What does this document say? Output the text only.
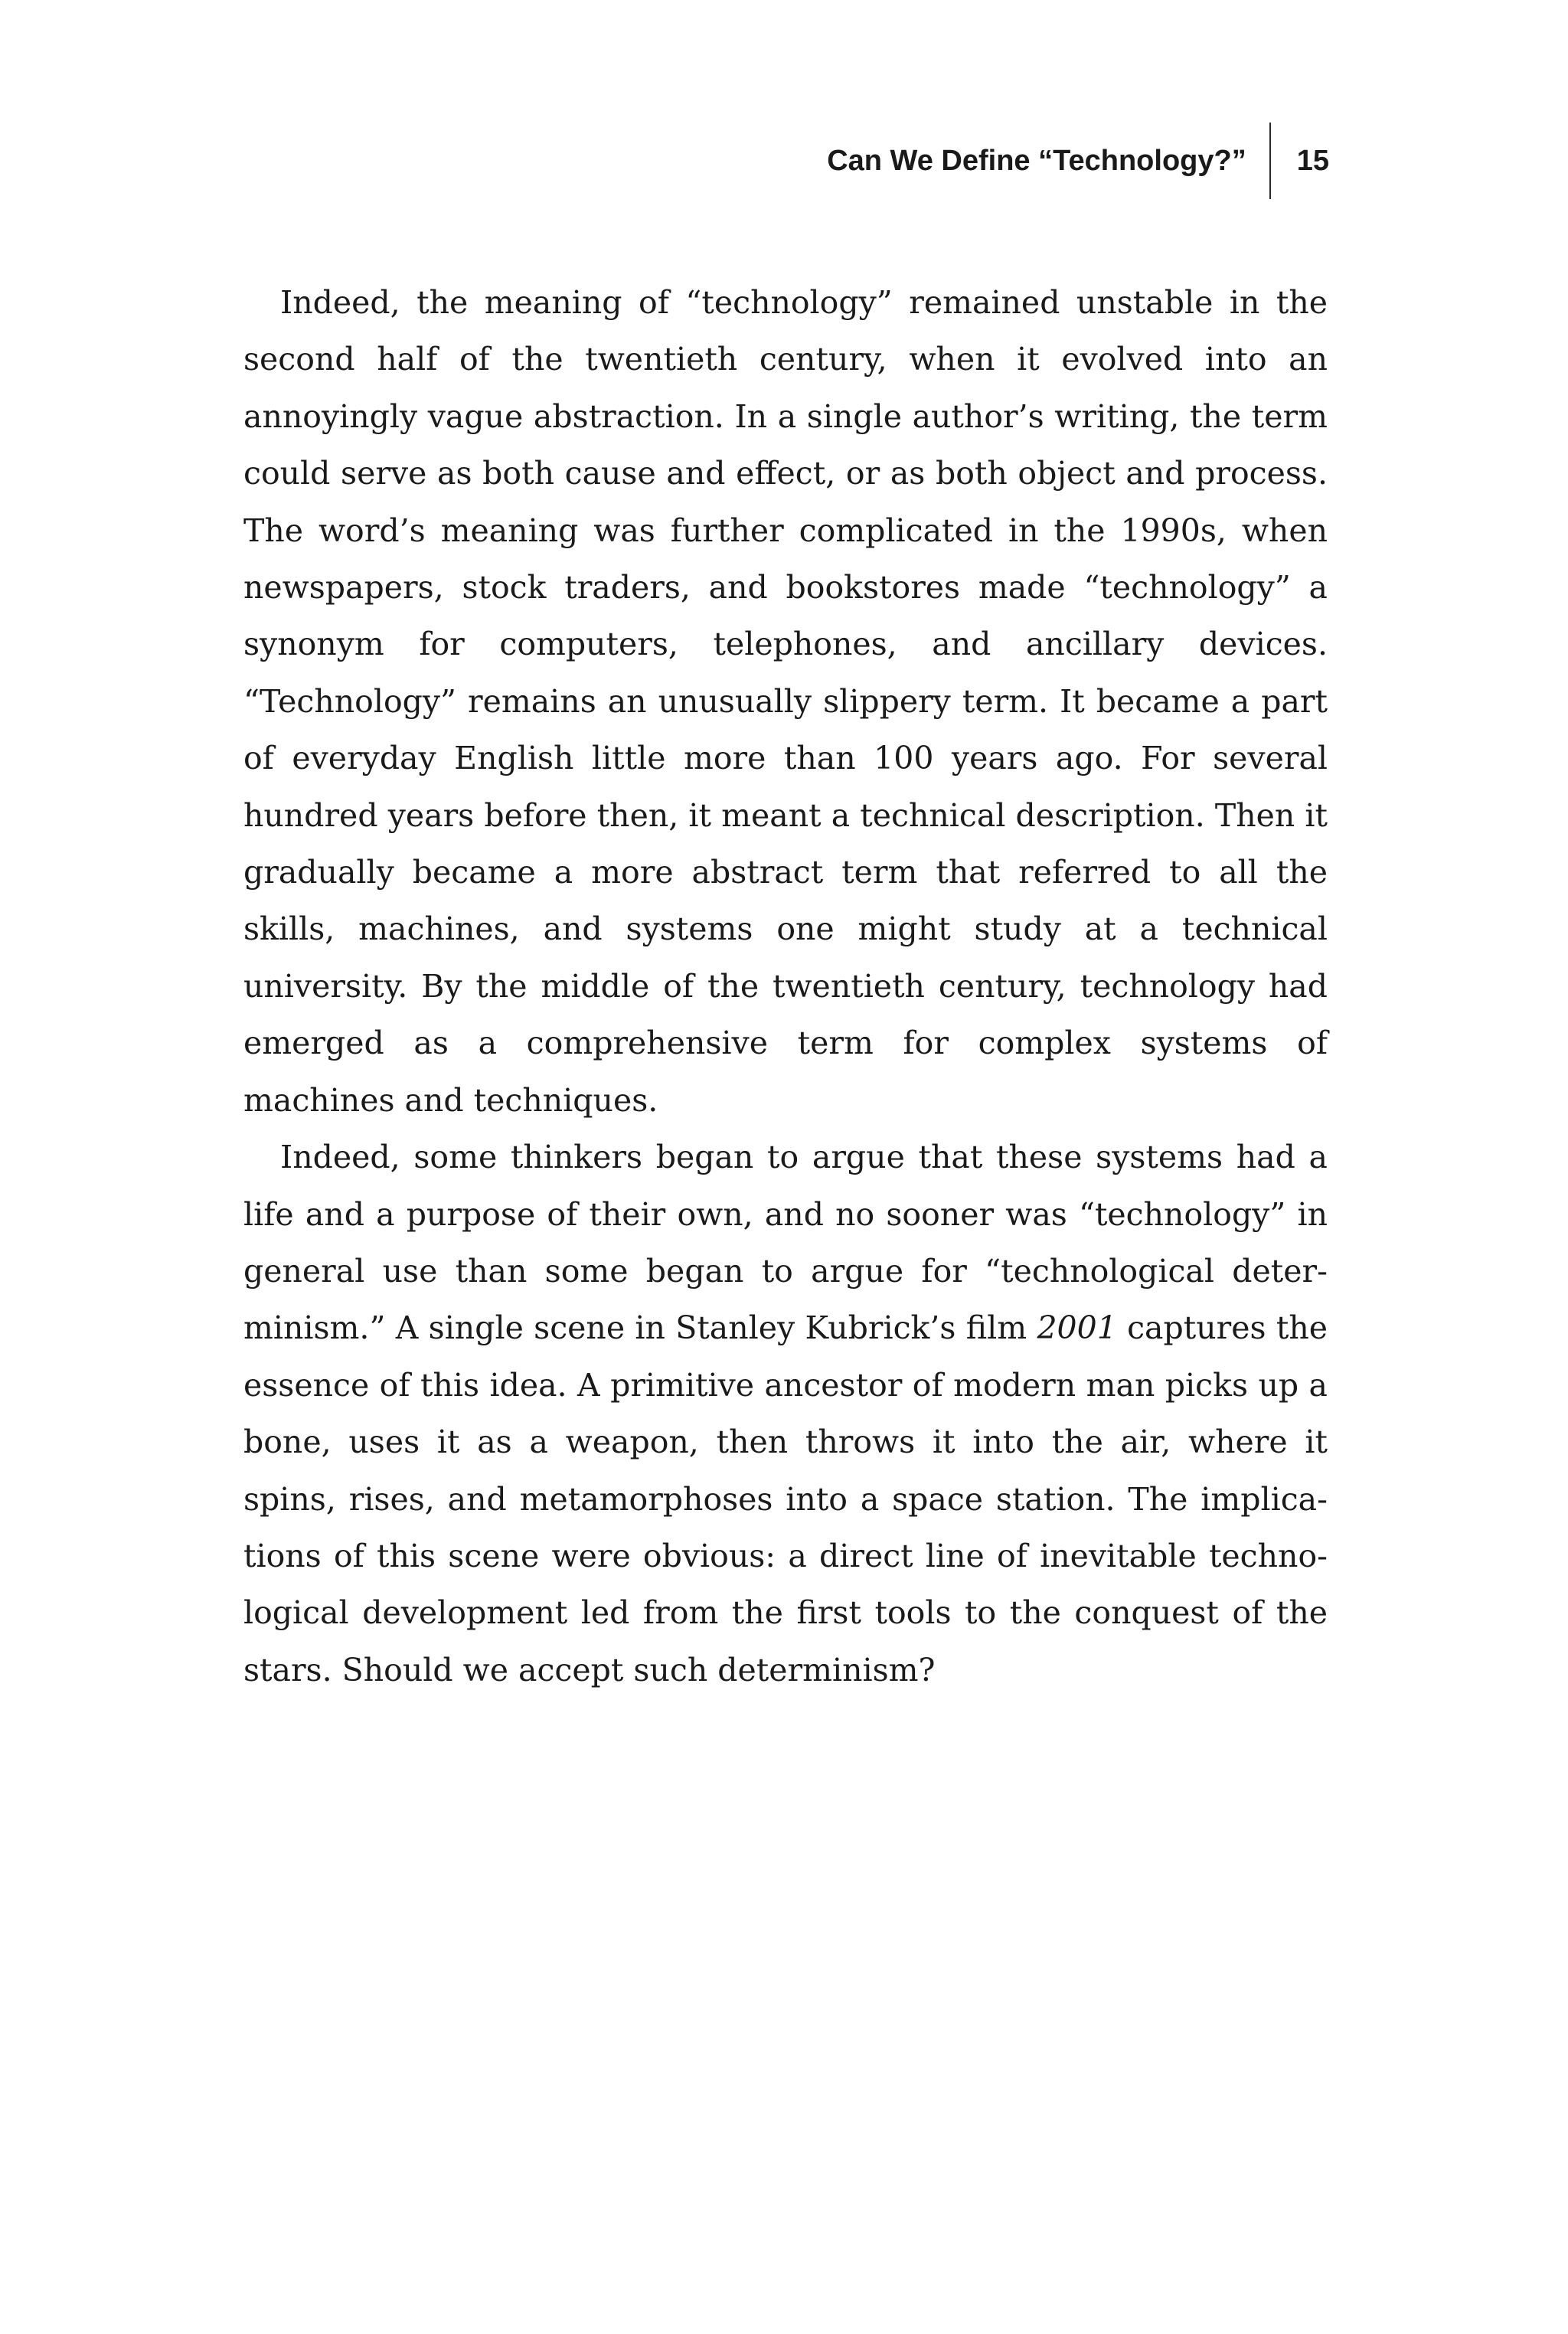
Can We Define “Technology?”	15

Indeed, the meaning of “technology” remained unstable in the second half of the twentieth century, when it evolved into an annoyingly vague abstraction. In a single author’s writing, the term could serve as both cause and effect, or as both object and process. The word’s meaning was further complicated in the 1990s, when newspapers, stock traders, and bookstores made “technology” a synonym for computers, telephones, and ancillary devices. “Technology” remains an unusually slippery term. It became a part of everyday English little more than 100 years ago. For several hundred years before then, it meant a technical description. Then it gradually became a more abstract term that referred to all the skills, machines, and systems one might study at a technical university. By the middle of the twentieth century, technology had emerged as a comprehensive term for complex systems of machines and techniques.

Indeed, some thinkers began to argue that these systems had a life and a purpose of their own, and no sooner was “technology” in general use than some began to argue for “technological determinism.” A single scene in Stanley Kubrick’s film 2001 captures the essence of this idea. A primitive ancestor of modern man picks up a bone, uses it as a weapon, then throws it into the air, where it spins, rises, and metamorphoses into a space station. The implications of this scene were obvious: a direct line of inevitable technological development led from the first tools to the conquest of the stars. Should we accept such determinism?
